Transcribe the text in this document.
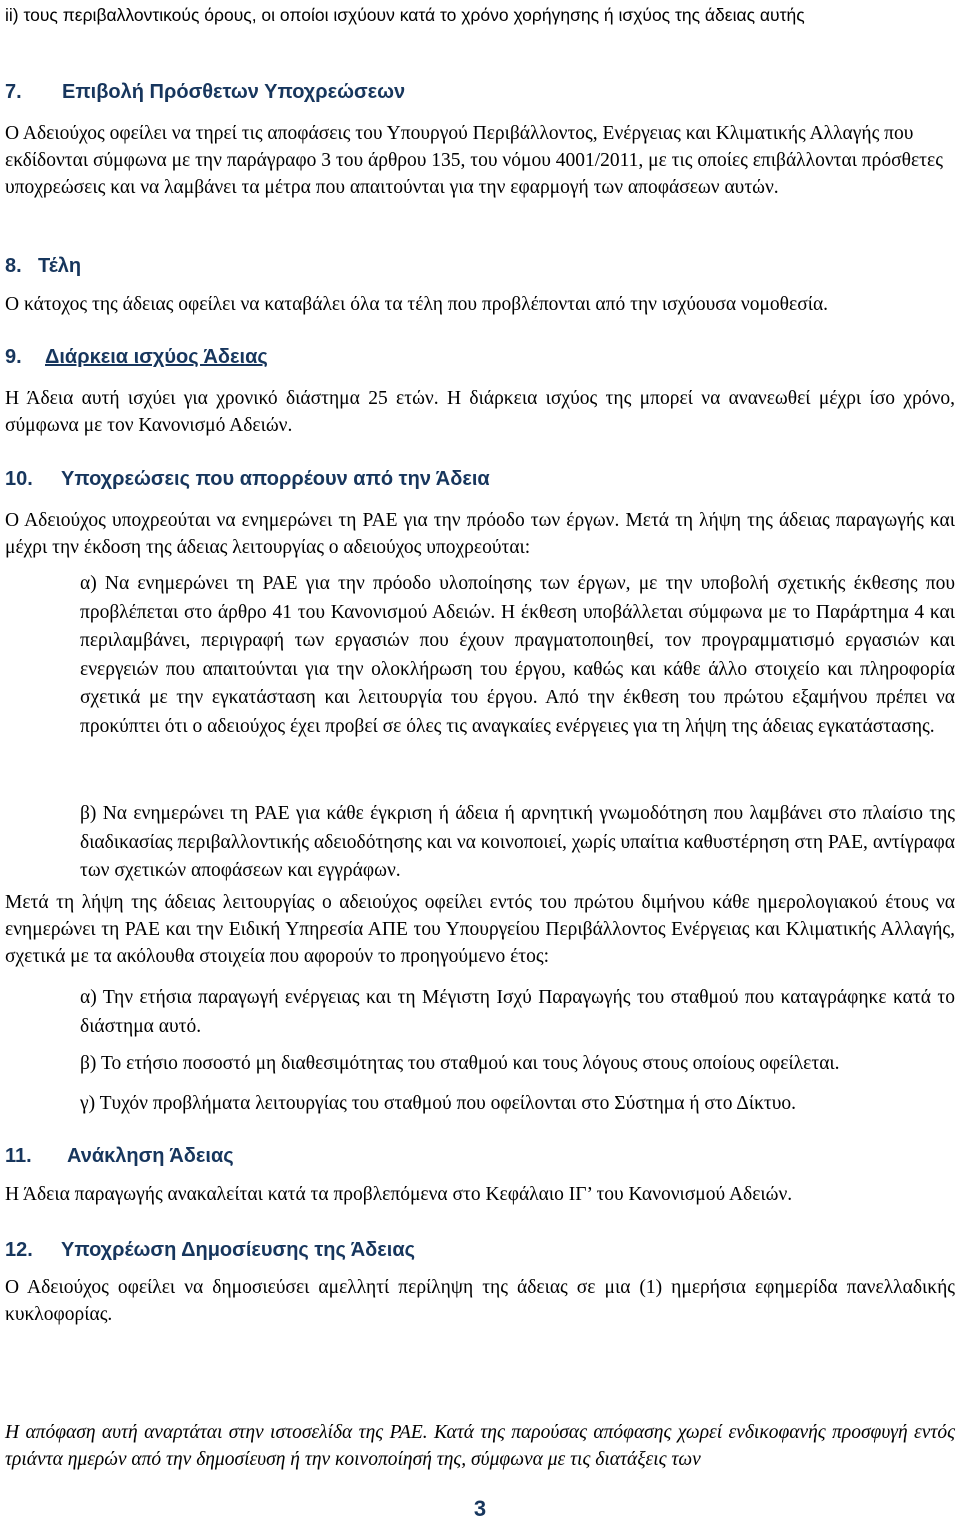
ii) τους περιβαλλοντικούς όρους, οι οποίοι ισχύουν κατά το χρόνο χορήγησης ή ισχύος της άδειας αυτής

7. Επιβολή Πρόσθετων Υποχρεώσεων

Ο Αδειούχος οφείλει να τηρεί τις αποφάσεις του Υπουργού Περιβάλλοντος, Ενέργειας και Κλιματικής Αλλαγής που εκδίδονται σύμφωνα με την παράγραφο 3 του άρθρου 135, του νόμου 4001/2011, με τις οποίες επιβάλλονται πρόσθετες υποχρεώσεις και να λαμβάνει τα μέτρα που απαιτούνται για την εφαρμογή των αποφάσεων αυτών.

8. Τέλη

Ο κάτοχος της άδειας οφείλει να καταβάλει όλα τα τέλη που προβλέπονται από την ισχύουσα νομοθεσία.

9. Διάρκεια ισχύος Άδειας

Η Άδεια αυτή ισχύει για χρονικό διάστημα 25 ετών. Η διάρκεια ισχύος της μπορεί να ανανεωθεί μέχρι ίσο χρόνο, σύμφωνα με τον Κανονισμό Αδειών.

10. Υποχρεώσεις που απορρέουν από την Άδεια

Ο Αδειούχος υποχρεούται να ενημερώνει τη ΡΑΕ για την πρόοδο των έργων. Μετά τη λήψη της άδειας παραγωγής και μέχρι την έκδοση της άδειας λειτουργίας ο αδειούχος υποχρεούται:

α) Να ενημερώνει τη ΡΑΕ για την πρόοδο υλοποίησης των έργων, με την υποβολή σχετικής έκθεσης που προβλέπεται στο άρθρο 41 του Κανονισμού Αδειών. Η έκθεση υποβάλλεται σύμφωνα με το Παράρτημα 4 και περιλαμβάνει, περιγραφή των εργασιών που έχουν πραγματοποιηθεί, τον προγραμματισμό εργασιών και ενεργειών που απαιτούνται για την ολοκλήρωση του έργου, καθώς και κάθε άλλο στοιχείο και πληροφορία σχετικά με την εγκατάσταση και λειτουργία του έργου. Από την έκθεση του πρώτου εξαμήνου πρέπει να προκύπτει ότι ο αδειούχος έχει προβεί σε όλες τις αναγκαίες ενέργειες για τη λήψη της άδειας εγκατάστασης.

β) Να ενημερώνει τη ΡΑΕ για κάθε έγκριση ή άδεια ή αρνητική γνωμοδότηση που λαμβάνει στο πλαίσιο της διαδικασίας περιβαλλοντικής αδειοδότησης και να κοινοποιεί, χωρίς υπαίτια καθυστέρηση στη ΡΑΕ, αντίγραφα των σχετικών αποφάσεων και εγγράφων.

Μετά τη λήψη της άδειας λειτουργίας ο αδειούχος οφείλει εντός του πρώτου διμήνου κάθε ημερολογιακού έτους να ενημερώνει τη ΡΑΕ και την Ειδική Υπηρεσία ΑΠΕ του Υπουργείου Περιβάλλοντος Ενέργειας και Κλιματικής Αλλαγής, σχετικά με τα ακόλουθα στοιχεία που αφορούν το προηγούμενο έτος:

α) Την ετήσια παραγωγή ενέργειας και τη Μέγιστη Ισχύ Παραγωγής του σταθμού που καταγράφηκε κατά το διάστημα αυτό.

β) Το ετήσιο ποσοστό μη διαθεσιμότητας του σταθμού και τους λόγους στους οποίους οφείλεται.

γ) Τυχόν προβλήματα λειτουργίας του σταθμού που οφείλονται στο Σύστημα ή στο Δίκτυο.

11. Ανάκληση Άδειας

Η Άδεια παραγωγής ανακαλείται κατά τα προβλεπόμενα στο Κεφάλαιο ΙΓ’ του Κανονισμού Αδειών.

12. Υποχρέωση Δημοσίευσης της Άδειας

Ο Αδειούχος οφείλει να δημοσιεύσει αμελλητί περίληψη της άδειας σε μια (1) ημερήσια εφημερίδα πανελλαδικής κυκλοφορίας.

Η απόφαση αυτή αναρτάται στην ιστοσελίδα της ΡΑΕ. Κατά της παρούσας απόφασης χωρεί ενδικοφανής προσφυγή εντός τριάντα ημερών από την δημοσίευση ή την κοινοποίησή της, σύμφωνα με τις διατάξεις των

3
